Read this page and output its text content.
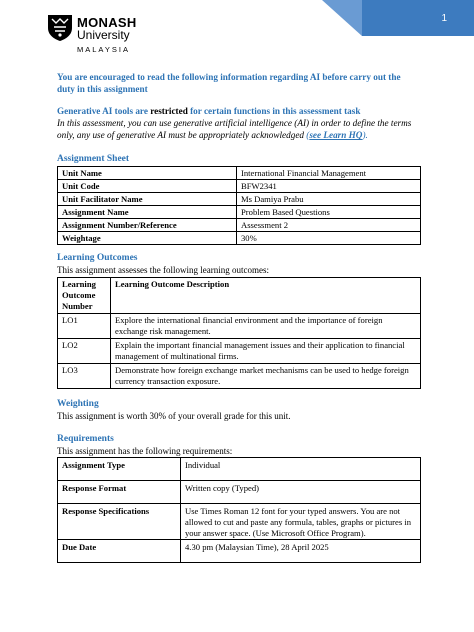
1
MONASH
University
MALAYSIA
You are encouraged to read the following information regarding AI before carry out the duty in this assignment
Generative AI tools are restricted for certain functions in this assessment task
In this assessment, you can use generative artificial intelligence (AI) in order to define the terms only, any use of generative AI must be appropriately acknowledged (see Learn HQ).
Assignment Sheet
Unit Name	International Financial Management
Unit Code	BFW2341
Unit Facilitator Name	Ms Damiya Prabu
Assignment Name	Problem Based Questions
Assignment Number/Reference	Assessment 2
Weightage	30%
Learning Outcomes
This assignment assesses the following learning outcomes:
Learning Outcome Number	Learning Outcome Description
LO1	Explore the international financial environment and the importance of foreign exchange risk management.
LO2	Explain the important financial management issues and their application to financial management of multinational firms.
LO3	Demonstrate how foreign exchange market mechanisms can be used to hedge foreign currency transaction exposure.
Weighting
This assignment is worth 30% of your overall grade for this unit.
Requirements
This assignment has the following requirements:
Assignment Type	Individual
Response Format	Written copy (Typed)
Response Specifications	Use Times Roman 12 font for your typed answers. You are not allowed to cut and paste any formula, tables, graphs or pictures in your answer space. (Use Microsoft Office Program).
Due Date	4.30 pm (Malaysian Time), 28 April 2025
